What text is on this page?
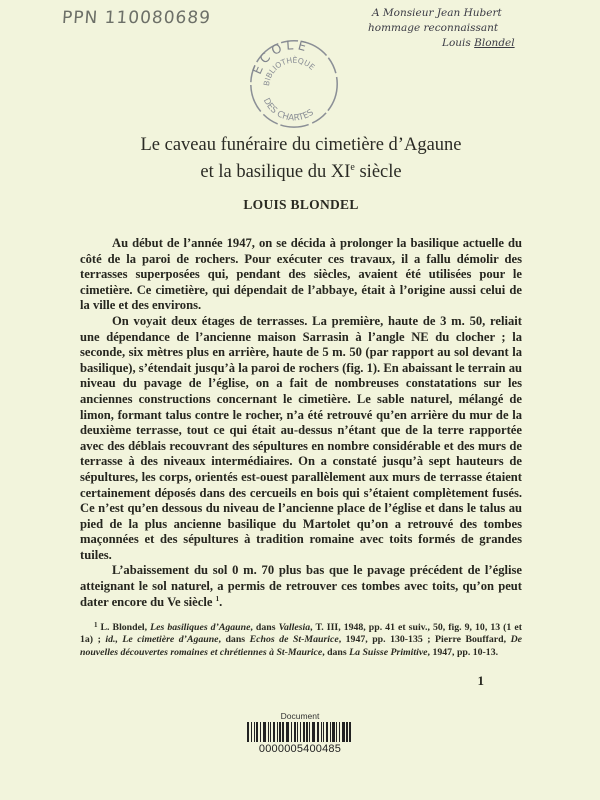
PPN 110080689
ECOLE
BIBLIOTHÈQUE
DES CHARTES
A Monsieur Jean Hubert
hommage reconnaissant
Louis Blondel
Le caveau funéraire du cimetière d’Agaune
et la basilique du XIe siècle
LOUIS BLONDEL

Au début de l’année 1947, on se décida à prolonger la basilique actuelle du côté de la paroi de rochers. Pour exécuter ces travaux, il a fallu démolir des terrasses superposées qui, pendant des siècles, avaient été utilisées pour le cimetière. Ce cimetière, qui dépendait de l’abbaye, était à l’origine aussi celui de la ville et des environs.

On voyait deux étages de terrasses. La première, haute de 3 m. 50, reliait une dépendance de l’ancienne maison Sarrasin à l’angle NE du clocher ; la seconde, six mètres plus en arrière, haute de 5 m. 50 (par rapport au sol devant la basilique), s’étendait jusqu’à la paroi de rochers (fig. 1). En abaissant le terrain au niveau du pavage de l’église, on a fait de nombreuses constatations sur les anciennes constructions concernant le cimetière. Le sable naturel, mélangé de limon, formant talus contre le rocher, n’a été retrouvé qu’en arrière du mur de la deuxième terrasse, tout ce qui était au-dessus n’étant que de la terre rapportée avec des déblais recouvrant des sépultures en nombre considérable et des murs de terrasse à des niveaux intermédiaires. On a constaté jusqu’à sept hauteurs de sépultures, les corps, orientés est-ouest parallèlement aux murs de terrasse étaient certainement déposés dans des cercueils en bois qui s’étaient complètement fusés. Ce n’est qu’en dessous du niveau de l’ancienne place de l’église et dans le talus au pied de la plus ancienne basilique du Martolet qu’on a retrouvé des tombes maçonnées et des sépultures à tradition romaine avec toits formés de grandes tuiles.

L’abaissement du sol 0 m. 70 plus bas que le pavage précédent de l’église atteignant le sol naturel, a permis de retrouver ces tombes avec toits, qu’on peut dater encore du Ve siècle $^1$.

$^1$ L. Blondel, Les basiliques d’Agaune, dans Vallesia, T. III, 1948, pp. 41 et suiv., 50, fig. 9, 10, 13 (1 et 1a) ; id., Le cimetière d’Agaune, dans Echos de St-Maurice, 1947, pp. 130-135 ; Pierre Bouffard, De nouvelles découvertes romaines et chrétiennes à St-Maurice, dans La Suisse Primitive, 1947, pp. 10-13.
1
Document
0000005400485
